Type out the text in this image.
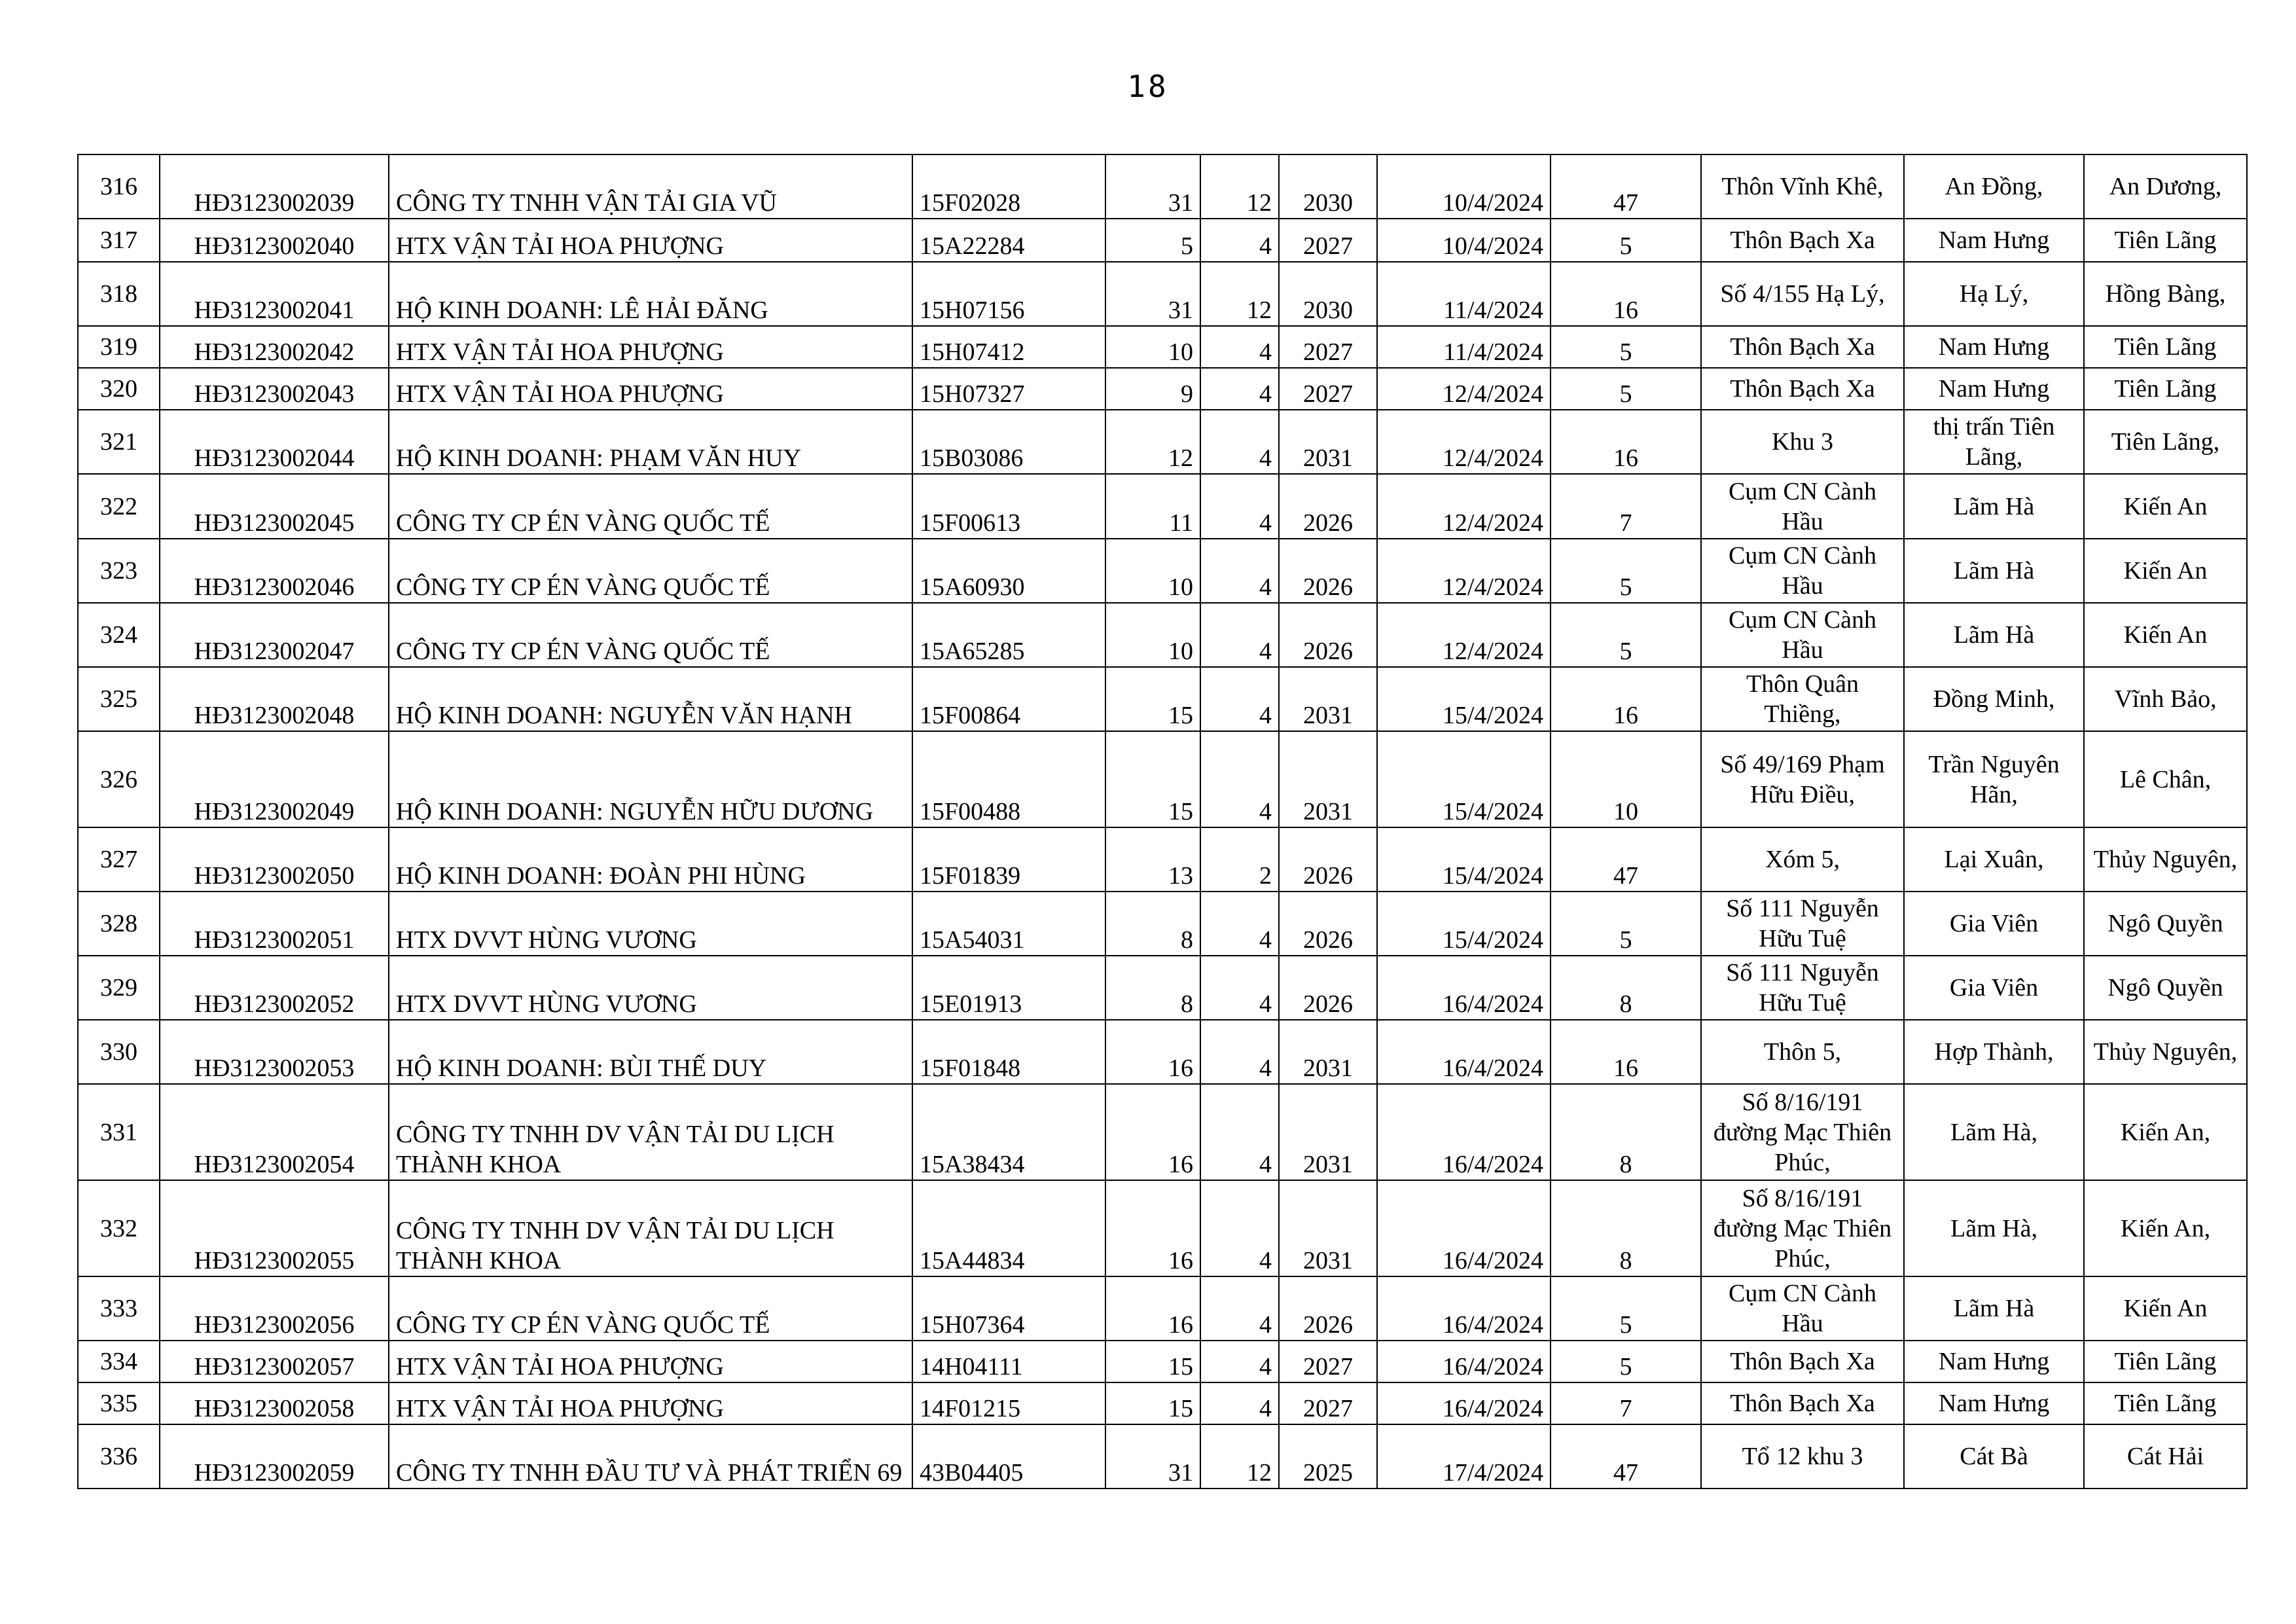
18
316	HĐ3123002039	CÔNG TY TNHH VẬN TẢI GIA VŨ	15F02028	31	12	2030	10/4/2024	47	Thôn Vĩnh Khê,	An Đồng,	An Dương,
317	HĐ3123002040	HTX VẬN TẢI HOA PHƯỢNG	15A22284	5	4	2027	10/4/2024	5	Thôn Bạch Xa	Nam Hưng	Tiên Lãng
318	HĐ3123002041	HỘ KINH DOANH: LÊ HẢI ĐĂNG	15H07156	31	12	2030	11/4/2024	16	Số 4/155 Hạ Lý,	Hạ Lý,	Hồng Bàng,
319	HĐ3123002042	HTX VẬN TẢI HOA PHƯỢNG	15H07412	10	4	2027	11/4/2024	5	Thôn Bạch Xa	Nam Hưng	Tiên Lãng
320	HĐ3123002043	HTX VẬN TẢI HOA PHƯỢNG	15H07327	9	4	2027	12/4/2024	5	Thôn Bạch Xa	Nam Hưng	Tiên Lãng
321	HĐ3123002044	HỘ KINH DOANH: PHẠM VĂN HUY	15B03086	12	4	2031	12/4/2024	16	Khu 3	thị trấn Tiên Lãng,	Tiên Lãng,
322	HĐ3123002045	CÔNG TY CP ÉN VÀNG QUỐC TẾ	15F00613	11	4	2026	12/4/2024	7	Cụm CN Cành Hầu	Lãm Hà	Kiến An
323	HĐ3123002046	CÔNG TY CP ÉN VÀNG QUỐC TẾ	15A60930	10	4	2026	12/4/2024	5	Cụm CN Cành Hầu	Lãm Hà	Kiến An
324	HĐ3123002047	CÔNG TY CP ÉN VÀNG QUỐC TẾ	15A65285	10	4	2026	12/4/2024	5	Cụm CN Cành Hầu	Lãm Hà	Kiến An
325	HĐ3123002048	HỘ KINH DOANH: NGUYỄN VĂN HẠNH	15F00864	15	4	2031	15/4/2024	16	Thôn Quân Thiềng,	Đồng Minh,	Vĩnh Bảo,
326	HĐ3123002049	HỘ KINH DOANH: NGUYỄN HỮU DƯƠNG	15F00488	15	4	2031	15/4/2024	10	Số 49/169 Phạm Hữu Điều,	Trần Nguyên Hãn,	Lê Chân,
327	HĐ3123002050	HỘ KINH DOANH: ĐOÀN PHI HÙNG	15F01839	13	2	2026	15/4/2024	47	Xóm 5,	Lại Xuân,	Thủy Nguyên,
328	HĐ3123002051	HTX DVVT HÙNG VƯƠNG	15A54031	8	4	2026	15/4/2024	5	Số 111 Nguyễn Hữu Tuệ	Gia Viên	Ngô Quyền
329	HĐ3123002052	HTX DVVT HÙNG VƯƠNG	15E01913	8	4	2026	16/4/2024	8	Số 111 Nguyễn Hữu Tuệ	Gia Viên	Ngô Quyền
330	HĐ3123002053	HỘ KINH DOANH: BÙI THẾ DUY	15F01848	16	4	2031	16/4/2024	16	Thôn 5,	Hợp Thành,	Thủy Nguyên,
331	HĐ3123002054	CÔNG TY TNHH DV VẬN TẢI DU LỊCH THÀNH KHOA	15A38434	16	4	2031	16/4/2024	8	Số 8/16/191 đường Mạc Thiên Phúc,	Lãm Hà,	Kiến An,
332	HĐ3123002055	CÔNG TY TNHH DV VẬN TẢI DU LỊCH THÀNH KHOA	15A44834	16	4	2031	16/4/2024	8	Số 8/16/191 đường Mạc Thiên Phúc,	Lãm Hà,	Kiến An,
333	HĐ3123002056	CÔNG TY CP ÉN VÀNG QUỐC TẾ	15H07364	16	4	2026	16/4/2024	5	Cụm CN Cành Hầu	Lãm Hà	Kiến An
334	HĐ3123002057	HTX VẬN TẢI HOA PHƯỢNG	14H04111	15	4	2027	16/4/2024	5	Thôn Bạch Xa	Nam Hưng	Tiên Lãng
335	HĐ3123002058	HTX VẬN TẢI HOA PHƯỢNG	14F01215	15	4	2027	16/4/2024	7	Thôn Bạch Xa	Nam Hưng	Tiên Lãng
336	HĐ3123002059	CÔNG TY TNHH ĐẦU TƯ VÀ PHÁT TRIỂN 69	43B04405	31	12	2025	17/4/2024	47	Tổ 12 khu 3	Cát Bà	Cát Hải
